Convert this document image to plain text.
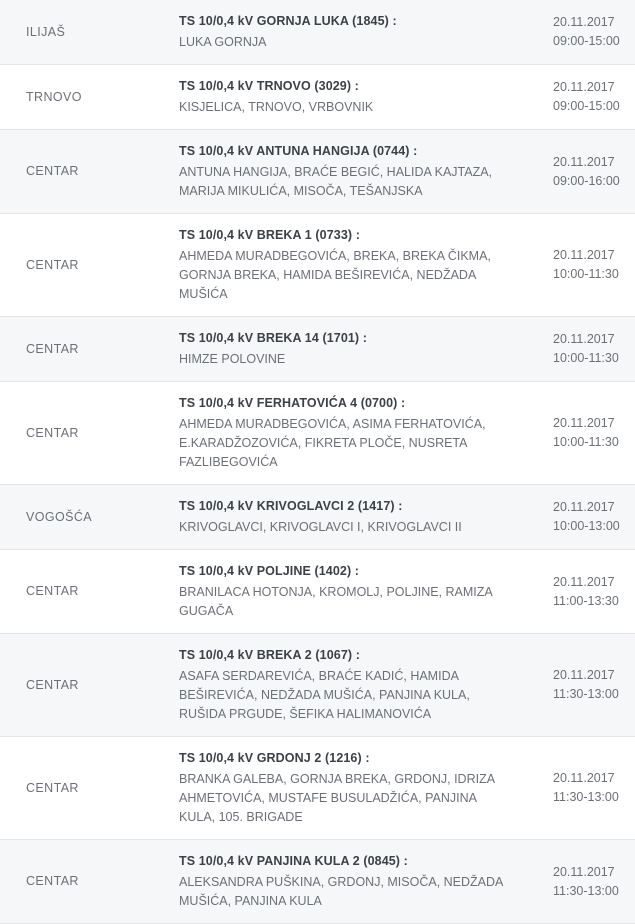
ILIJAŠ	TS 10/0,4 kV GORNJA LUKA (1845) :
LUKA GORNJA	20.11.2017
09:00-15:00

TRNOVO	TS 10/0,4 kV TRNOVO (3029) :
KISJELICA, TRNOVO, VRBOVNIK	20.11.2017
09:00-15:00

CENTAR	TS 10/0,4 kV ANTUNA HANGIJA (0744) :
ANTUNA HANGIJA, BRAĆE BEGIĆ, HALIDA KAJTAZA, MARIJA MIKULIĆA, MISOČA, TEŠANJSKA	20.11.2017
09:00-16:00

CENTAR	TS 10/0,4 kV BREKA 1 (0733) :
AHMEDA MURADBEGOVIĆA, BREKA, BREKA ČIKMA, GORNJA BREKA, HAMIDA BEŠIREVIĆA, NEDŽADA MUŠIĆA	20.11.2017
10:00-11:30

CENTAR	TS 10/0,4 kV BREKA 14 (1701) :
HIMZE POLOVINE	20.11.2017
10:00-11:30

CENTAR	TS 10/0,4 kV FERHATOVIĆA 4 (0700) :
AHMEDA MURADBEGOVIĆA, ASIMA FERHATOVIĆA, E.KARADŽOZOVIĆA, FIKRETA PLOČE, NUSRETA FAZLIBEGOVIĆA	20.11.2017
10:00-11:30

VOGOŠĆA	TS 10/0,4 kV KRIVOGLAVCI 2 (1417) :
KRIVOGLAVCI, KRIVOGLAVCI I, KRIVOGLAVCI II	20.11.2017
10:00-13:00

CENTAR	TS 10/0,4 kV POLJINE (1402) :
BRANILACA HOTONJA, KROMOLJ, POLJINE, RAMIZA GUGAČA	20.11.2017
11:00-13:30

CENTAR	TS 10/0,4 kV BREKA 2 (1067) :
ASAFA SERDAREVIĆA, BRAĆE KADIĆ, HAMIDA BEŠIREVIĆA, NEDŽADA MUŠIĆA, PANJINA KULA, RUŠIDA PRGUDE, ŠEFIKA HALIMANOVIĆA	20.11.2017
11:30-13:00

CENTAR	TS 10/0,4 kV GRDONJ 2 (1216) :
BRANKA GALEBA, GORNJA BREKA, GRDONJ, IDRIZA AHMETOVIĆA, MUSTAFE BUSULADŽIĆA, PANJINA KULA, 105. BRIGADE	20.11.2017
11:30-13:00

CENTAR	TS 10/0,4 kV PANJINA KULA 2 (0845) :
ALEKSANDRA PUŠKINA, GRDONJ, MISOČA, NEDŽADA MUŠIĆA, PANJINA KULA	20.11.2017
11:30-13:00
